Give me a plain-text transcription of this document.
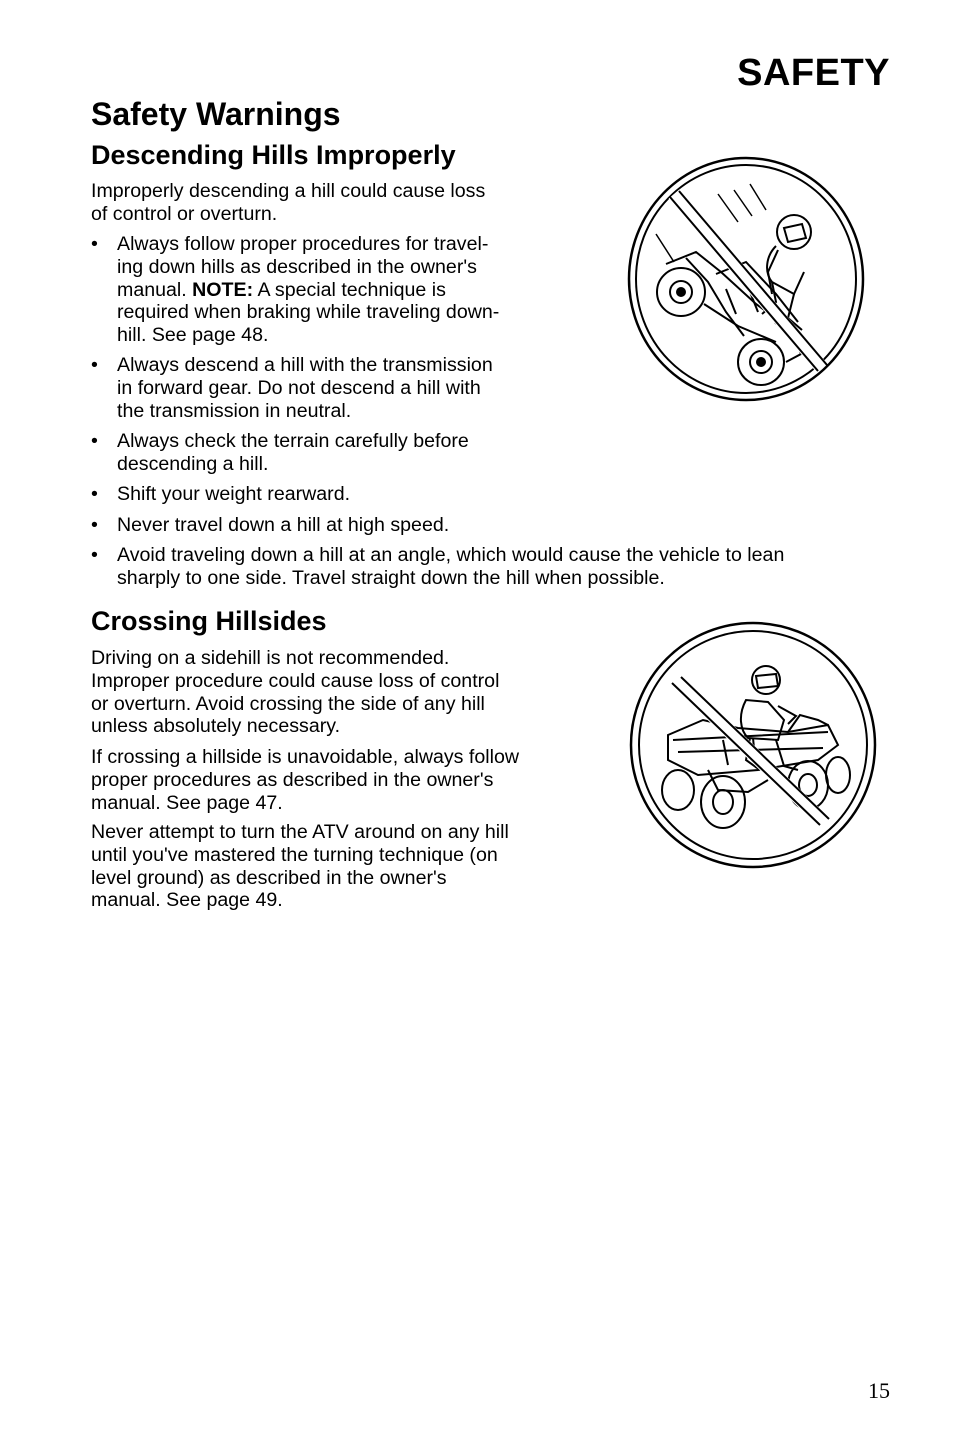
SAFETY
Safety Warnings
Descending Hills Improperly

Improperly descending a hill could cause loss
of control or overturn.

• Always follow proper procedures for travel-
ing down hills as described in the owner's
manual. NOTE: A special technique is
required when braking while traveling down-
hill. See page 48.
• Always descend a hill with the transmission
in forward gear. Do not descend a hill with
the transmission in neutral.
• Always check the terrain carefully before
descending a hill.
• Shift your weight rearward.
• Never travel down a hill at high speed.
• Avoid traveling down a hill at an angle, which would cause the vehicle to lean
sharply to one side. Travel straight down the hill when possible.
Crossing Hillsides

Driving on a sidehill is not recommended.
Improper procedure could cause loss of control
or overturn. Avoid crossing the side of any hill
unless absolutely necessary.

If crossing a hillside is unavoidable, always follow
proper procedures as described in the owner's
manual. See page 47.

Never attempt to turn the ATV around on any hill
until you've mastered the turning technique (on
level ground) as described in the owner's
manual. See page 49.

15
